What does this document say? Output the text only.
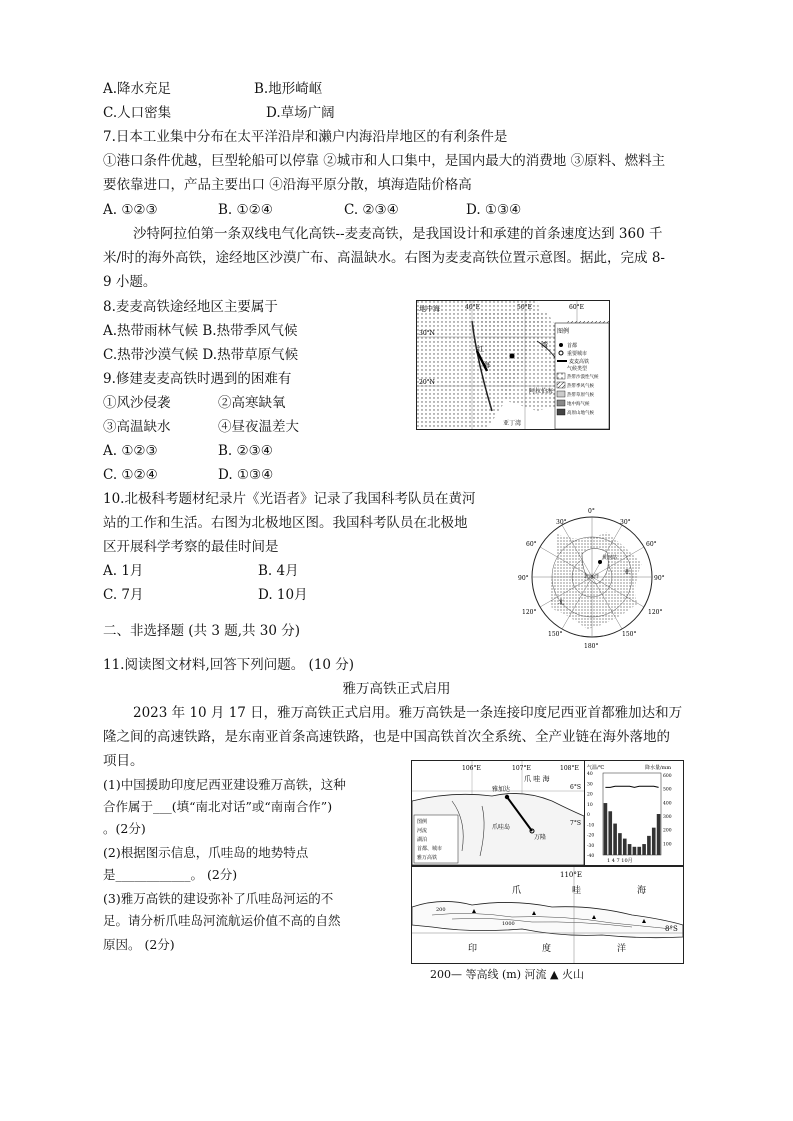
A.降水充足	B.地形崎岖
C.人口密集	D.草场广阔
7.日本工业集中分布在太平洋沿岸和濑户内海沿岸地区的有利条件是
①港口条件优越，巨型轮船可以停靠 ②城市和人口集中，是国内最大的消费地 ③原料、燃料主
要依靠进口，产品主要出口 ④沿海平原分散，填海造陆价格高
A. ①②③	B. ①②④	C. ②③④	D. ①③④
沙特阿拉伯第一条双线电气化高铁--麦麦高铁，是我国设计和承建的首条速度达到 360 千
米/时的海外高铁，途经地区沙漠广布、高温缺水。右图为麦麦高铁位置示意图。据此，完成 8-
9 小题。
8.麦麦高铁途经地区主要属于
A.热带雨林气候 B.热带季风气候
C.热带沙漠气候 D.热带草原气候
9.修建麦麦高铁时遇到的困难有
①风沙侵袭	②高寒缺氧
③高温缺水	④昼夜温差大
A. ①②③	B. ②③④
C. ①②④	D. ①③④
地中海	40°E	50°E	60°E
30°N
20°N
红
海
湾
阿拉伯海
亚丁湾
图例
首都
重要城市
麦麦高铁
气候类型
热带沙漠性气候
热带季风气候
热带草原气候
地中海气候
高原山地气候
10.北极科考题材纪录片《光语者》记录了我国科考队员在黄河
站的工作和生活。右图为北极地区图。我国科考队员在北极地
区开展科学考察的最佳时间是
A. 1月	B. 4月
C. 7月	D. 10月
0°
30°	30°
60°	60°
90°	90°
120°	120°
150°	150°
180°
黄河站
北冰洋
亚
北
二、非选择题 (共 3 题,共 30 分)
11.阅读图文材料,回答下列问题。 (10 分)
雅万高铁正式启用
2023 年 10 月 17 日，雅万高铁正式启用。雅万高铁是一条连接印度尼西亚首都雅加达和万
隆之间的高速铁路，是东南亚首条高速铁路，也是中国高铁首次全系统、全产业链在海外落地的
项目。
(1)中国援助印度尼西亚建设雅万高铁，这种
合作属于___(填“南北对话”或“南南合作”)
。(2分)
(2)根据图示信息，爪哇岛的地势特点
是____________。 (2分)
(3)雅万高铁的建设弥补了爪哇岛河运的不
足。请分析爪哇岛河流航运价值不高的自然
原因。 (2分)
106°E	107°E	108°E
爪 哇 海
雅加达
万隆
爪哇岛
6°S
7°S
图例
河流
湖泊
首都、城市
雅万高铁
气温/℃	降水量/mm
1 4 7 10月
40
30
20
10
0
-10
-20
-30
-40
600
500
400
300
200
100
110°E
爪	哇	海
印	度	洋
8°S
200
1000
200— 等高线 (m) 河流 ▲ 火山
